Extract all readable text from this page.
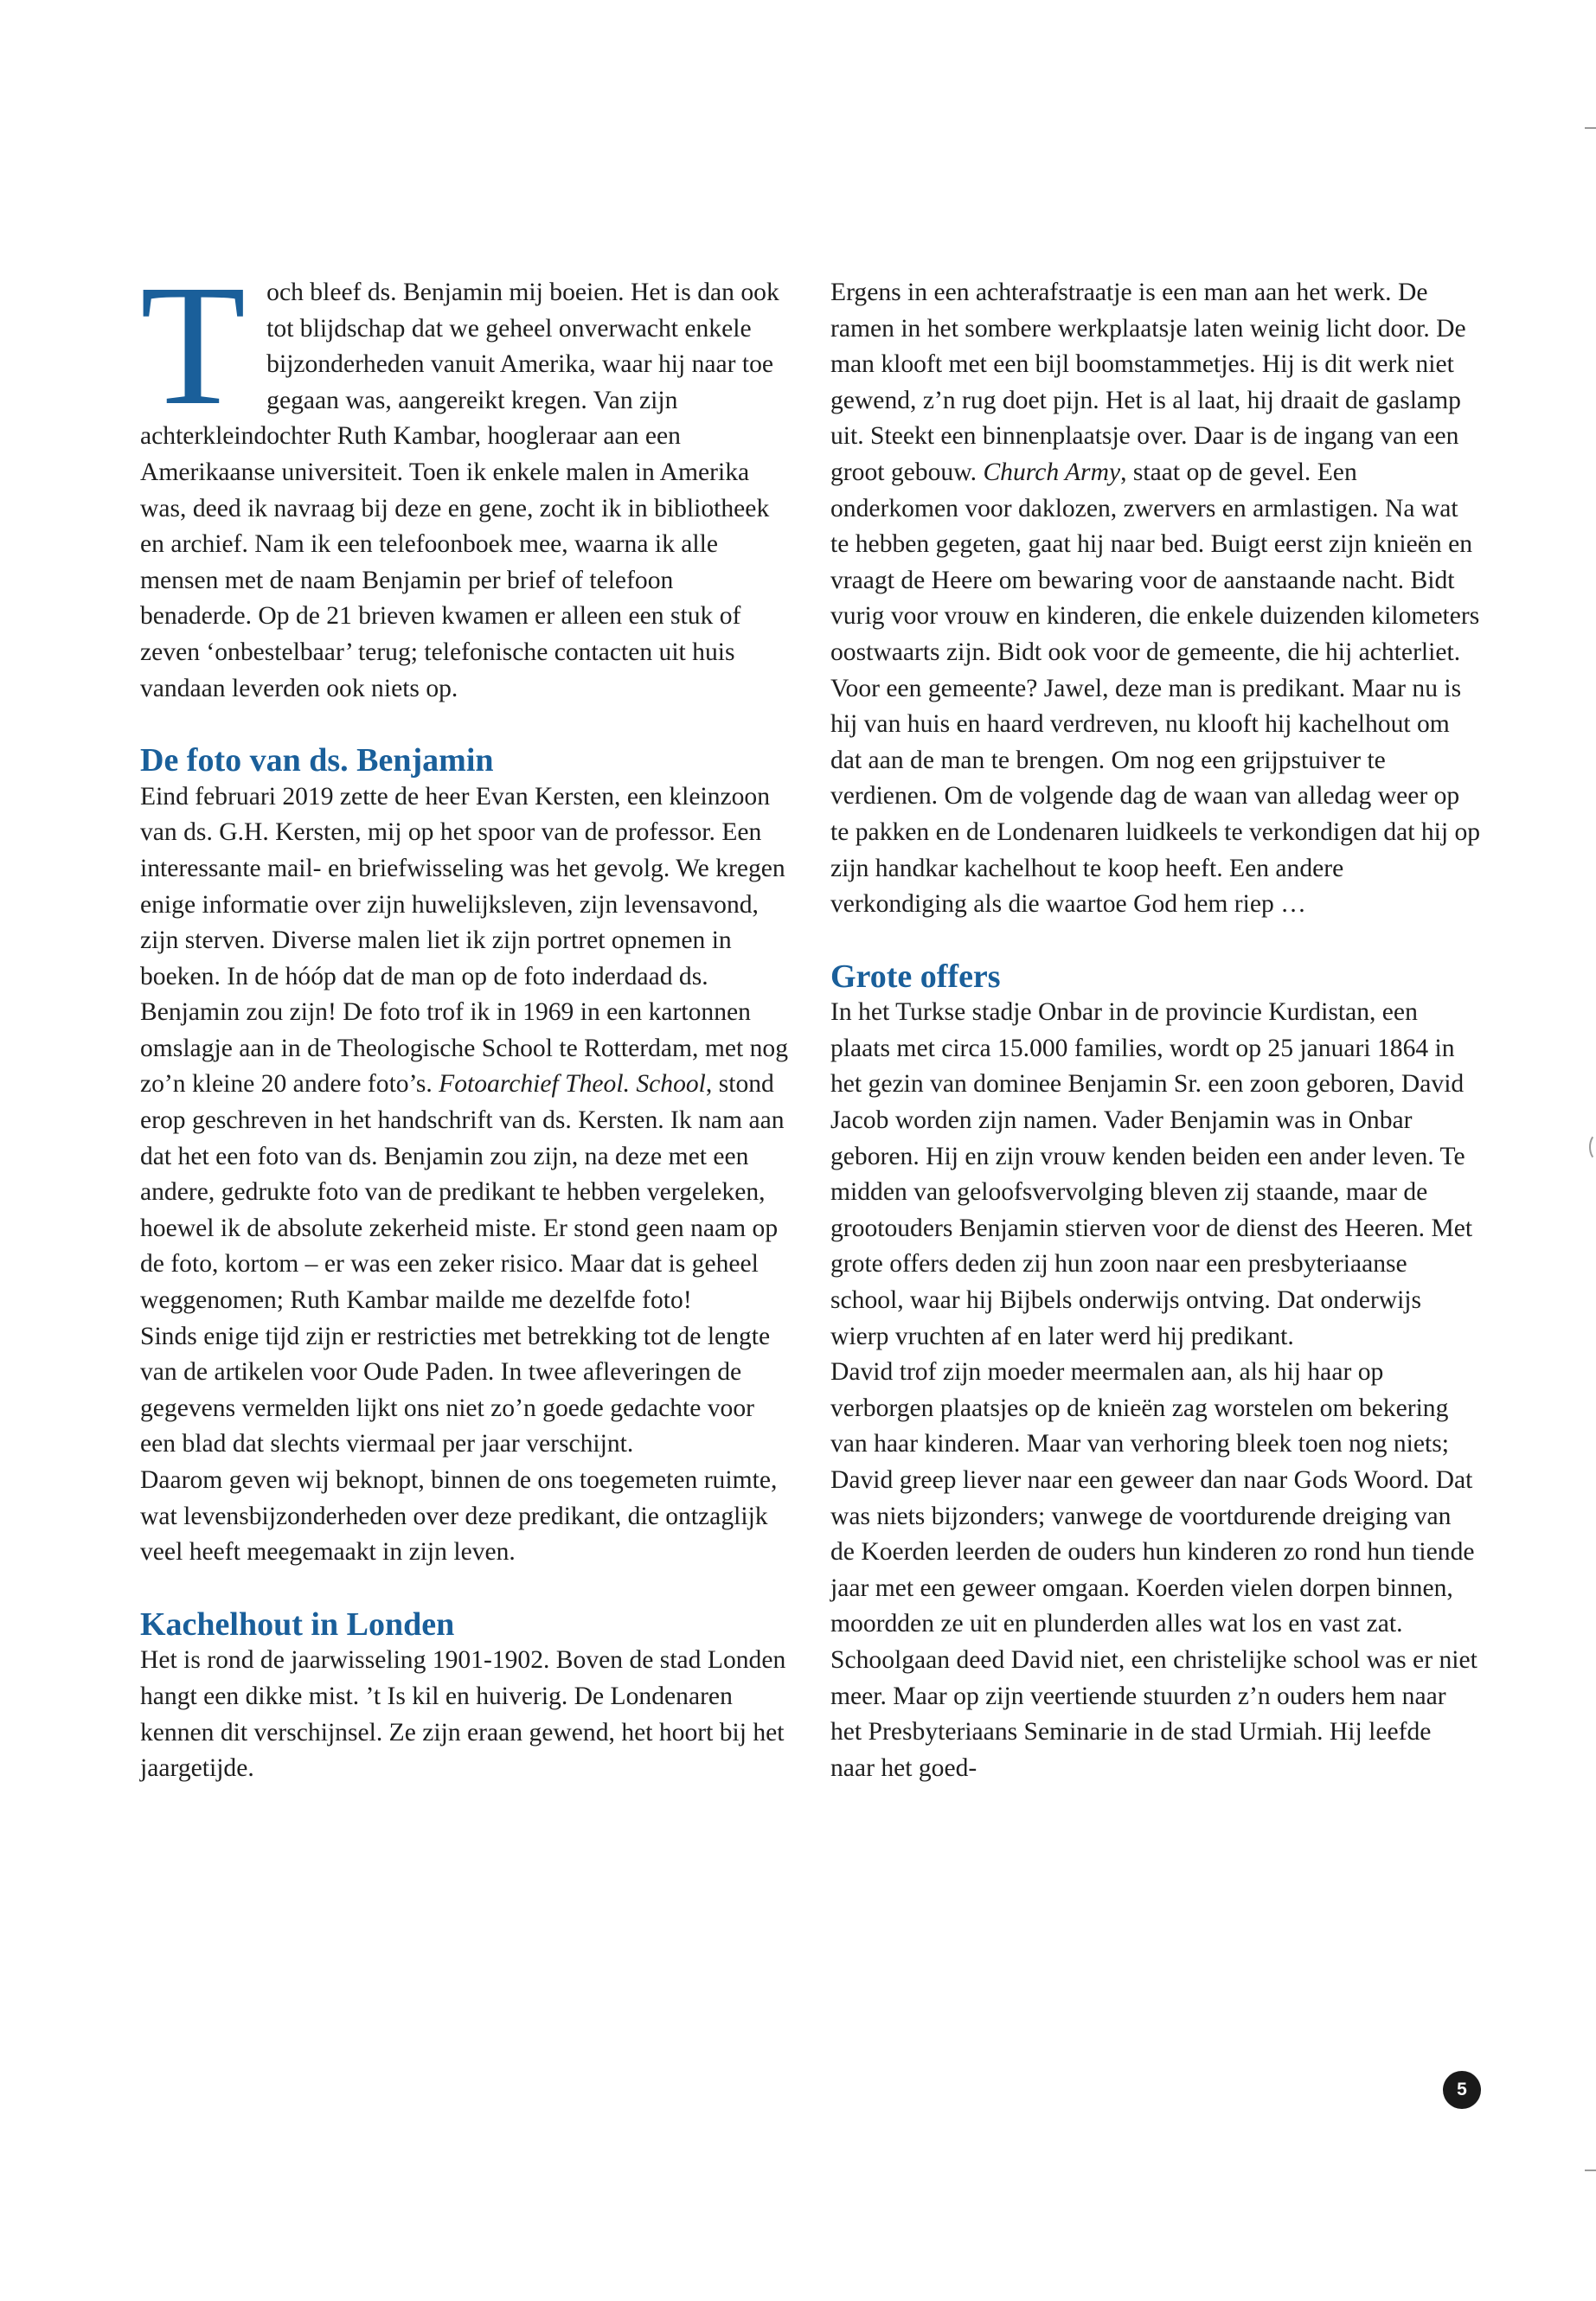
Toch bleef ds. Benjamin mij boeien. Het is dan ook tot blijdschap dat we geheel onverwacht enkele bijzonderheden vanuit Amerika, waar hij naar toe gegaan was, aangereikt kregen. Van zijn achterkleindochter Ruth Kambar, hoogleraar aan een Amerikaanse universiteit. Toen ik enkele malen in Amerika was, deed ik navraag bij deze en gene, zocht ik in bibliotheek en archief. Nam ik een telefoonboek mee, waarna ik alle mensen met de naam Benjamin per brief of telefoon benaderde. Op de 21 brieven kwamen er alleen een stuk of zeven ‘onbestelbaar’ terug; telefonische contacten uit huis vandaan leverden ook niets op.

De foto van ds. Benjamin

Eind februari 2019 zette de heer Evan Kersten, een kleinzoon van ds. G.H. Kersten, mij op het spoor van de professor. Een interessante mail- en briefwisseling was het gevolg. We kregen enige informatie over zijn huwelijksleven, zijn levensavond, zijn sterven. Diverse malen liet ik zijn portret opnemen in boeken. In de hóóp dat de man op de foto inderdaad ds. Benjamin zou zijn! De foto trof ik in 1969 in een kartonnen omslagje aan in de Theologische School te Rotterdam, met nog zo’n kleine 20 andere foto’s. Fotoarchief Theol. School, stond erop geschreven in het handschrift van ds. Kersten. Ik nam aan dat het een foto van ds. Benjamin zou zijn, na deze met een andere, gedrukte foto van de predikant te hebben vergeleken, hoewel ik de absolute zekerheid miste. Er stond geen naam op de foto, kortom – er was een zeker risico. Maar dat is geheel weggenomen; Ruth Kambar mailde me dezelfde foto!

Sinds enige tijd zijn er restricties met betrekking tot de lengte van de artikelen voor Oude Paden. In twee afleveringen de gegevens vermelden lijkt ons niet zo’n goede gedachte voor een blad dat slechts viermaal per jaar verschijnt.

Daarom geven wij beknopt, binnen de ons toegemeten ruimte, wat levensbijzonderheden over deze predikant, die ontzaglijk veel heeft meegemaakt in zijn leven.

Kachelhout in Londen

Het is rond de jaarwisseling 1901-1902. Boven de stad Londen hangt een dikke mist. ’t Is kil en huiverig. De Londenaren kennen dit verschijnsel. Ze zijn eraan gewend, het hoort bij het jaargetijde.

Ergens in een achterafstraatje is een man aan het werk. De ramen in het sombere werkplaatsje laten weinig licht door. De man klooft met een bijl boomstammetjes. Hij is dit werk niet gewend, z’n rug doet pijn. Het is al laat, hij draait de gaslamp uit. Steekt een binnenplaatsje over. Daar is de ingang van een groot gebouw. Church Army, staat op de gevel. Een onderkomen voor daklozen, zwervers en armlastigen. Na wat te hebben gegeten, gaat hij naar bed. Buigt eerst zijn knieën en vraagt de Heere om bewaring voor de aanstaande nacht. Bidt vurig voor vrouw en kinderen, die enkele duizenden kilometers oostwaarts zijn. Bidt ook voor de gemeente, die hij achterliet. Voor een gemeente? Jawel, deze man is predikant. Maar nu is hij van huis en haard verdreven, nu klooft hij kachelhout om dat aan de man te brengen. Om nog een grijpstuiver te verdienen. Om de volgende dag de waan van alledag weer op te pakken en de Londenaren luidkeels te verkondigen dat hij op zijn handkar kachelhout te koop heeft. Een andere verkondiging als die waartoe God hem riep …

Grote offers

In het Turkse stadje Onbar in de provincie Kurdistan, een plaats met circa 15.000 families, wordt op 25 januari 1864 in het gezin van dominee Benjamin Sr. een zoon geboren, David Jacob worden zijn namen. Vader Benjamin was in Onbar geboren. Hij en zijn vrouw kenden beiden een ander leven. Te midden van geloofsvervolging bleven zij staande, maar de grootouders Benjamin stierven voor de dienst des Heeren. Met grote offers deden zij hun zoon naar een presbyteriaanse school, waar hij Bijbels onderwijs ontving. Dat onderwijs wierp vruchten af en later werd hij predikant.

David trof zijn moeder meermalen aan, als hij haar op verborgen plaatsjes op de knieën zag worstelen om bekering van haar kinderen. Maar van verhoring bleek toen nog niets; David greep liever naar een geweer dan naar Gods Woord. Dat was niets bijzonders; vanwege de voortdurende dreiging van de Koerden leerden de ouders hun kinderen zo rond hun tiende jaar met een geweer omgaan. Koerden vielen dorpen binnen, moordden ze uit en plunderden alles wat los en vast zat. Schoolgaan deed David niet, een christelijke school was er niet meer. Maar op zijn veertiende stuurden z’n ouders hem naar het Presbyteriaans Seminarie in de stad Urmiah. Hij leefde naar het goed-

5
